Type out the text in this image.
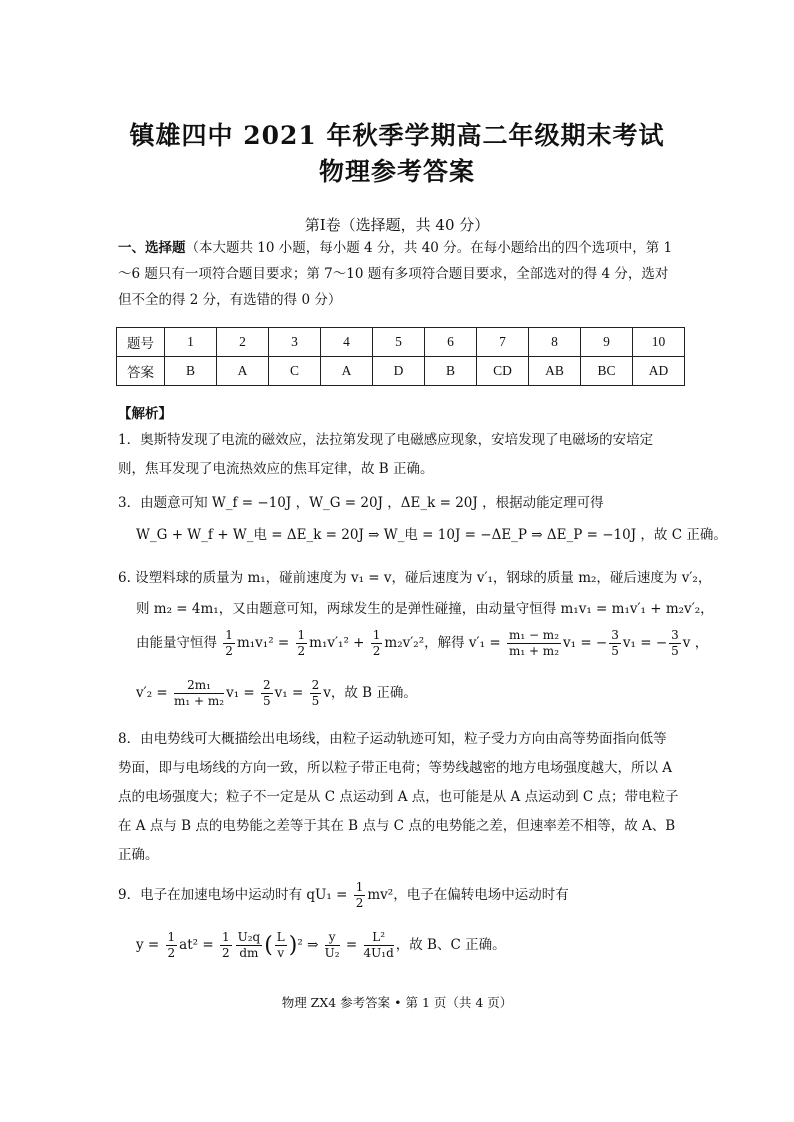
镇雄四中 2021 年秋季学期高二年级期末考试
物理参考答案
第Ⅰ卷（选择题，共 40 分）
一、选择题（本大题共 10 小题，每小题 4 分，共 40 分。在每小题给出的四个选项中，第 1～6 题只有一项符合题目要求；第 7～10 题有多项符合题目要求，全部选对的得 4 分，选对但不全的得 2 分，有选错的得 0 分）
题号	1	2	3	4	5	6	7	8	9	10
答案	B	A	C	A	D	B	CD	AB	BC	AD
【解析】
1．奥斯特发现了电流的磁效应，法拉第发现了电磁感应现象，安培发现了电磁场的安培定则，焦耳发现了电流热效应的焦耳定律，故 B 正确。
3．由题意可知 W_f = −10J ，W_G = 20J ，ΔE_k = 20J ，根据动能定理可得
W_G + W_f + W_电 = ΔE_k = 20J ⇒ W_电 = 10J = −ΔE_P ⇒ ΔE_P = −10J ，故 C 正确。
6. 设塑料球的质量为 m₁，碰前速度为 v₁ = v，碰后速度为 v′₁，钢球的质量 m₂，碰后速度为 v′₂，
则 m₂ = 4m₁，又由题意可知，两球发生的是弹性碰撞，由动量守恒得 m₁v₁ = m₁v′₁ + m₂v′₂，
由能量守恒得 $\frac{1}{2} m_1v_1^2 = \frac{1}{2} m_1v'_1^2 + \frac{1}{2} m_2v'_2^2$，解得 $v'_1 = \frac{\text{m₁ − m₂}}{\text{m₁ + m₂}} v_1$ = − $\frac{3}{5} v_1$ = − $\frac{3}{5}$ v ，
$v'_2 = \frac{\text{2m₁}}{\text{m₁ + m₂}} v_1 = \frac{2}{5} v_1 = \frac{2}{5}$ v，故 B 正确。
8．由电势线可大概描绘出电场线，由粒子运动轨迹可知，粒子受力方向由高等势面指向低等势面，即与电场线的方向一致，所以粒子带正电荷；等势线越密的地方电场强度越大，所以 A 点的电场强度大；粒子不一定是从 C 点运动到 A 点，也可能是从 A 点运动到 C 点；带电粒子在 A 点与 B 点的电势能之差等于其在 B 点与 C 点的电势能之差，但速率差不相等，故 A、B 正确。
9．电子在加速电场中运动时有 $qU_1 = \frac{1}{2} mv^2$，电子在偏转电场中运动时有
$y = \frac{1}{2} at^2 = \frac{1}{2} \frac{\text{U₂q}}{dm}$ ( $\frac{L}{v} )^2$ ⇒ $\frac{y}{\text{U₂}} = \frac{\text{L²}}{\text{4U₁d}}$ ，故 B、C 正确。
物理 ZX4 参考答案 • 第 1 页（共 4 页）
